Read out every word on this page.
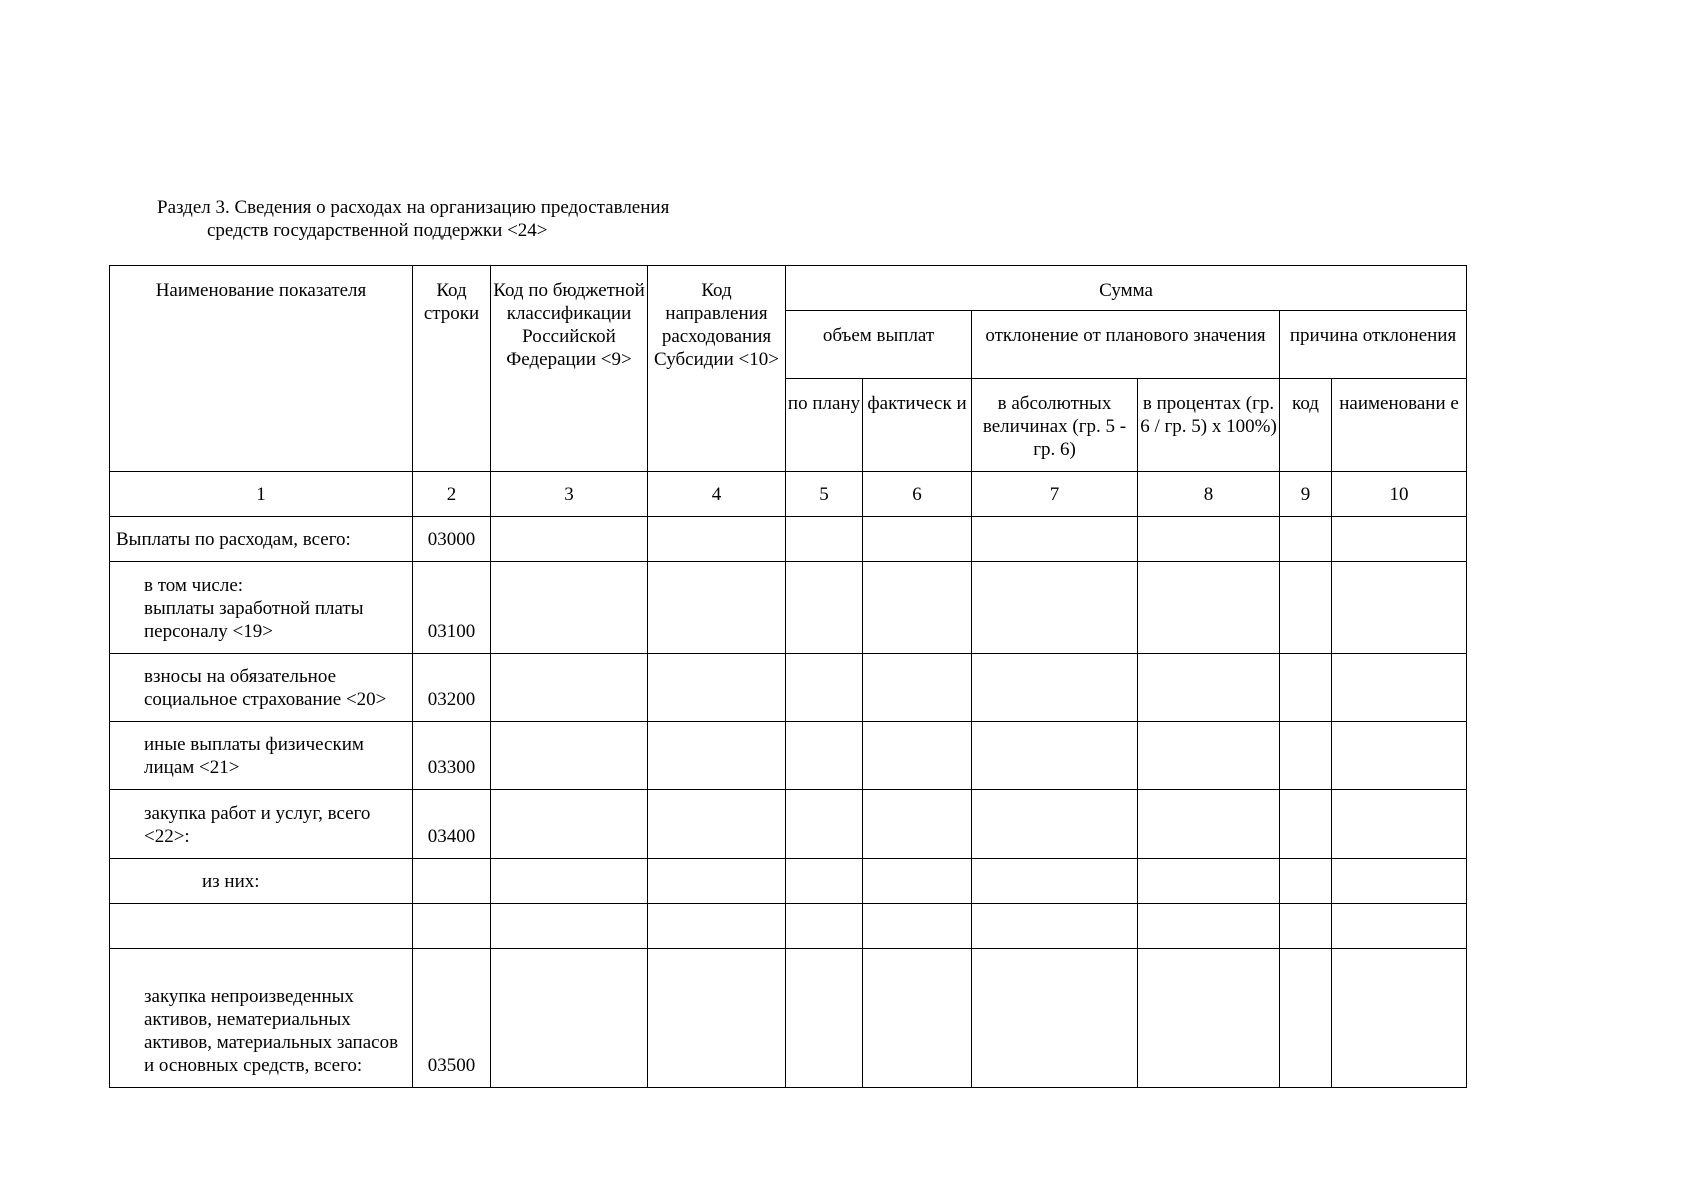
Раздел 3. Сведения о расходах на организацию предоставления
средств государственной поддержки <24>
Наименование показателя	Код строки	Код по бюджетной классификации Российской Федерации <9>	Код направления расходования Субсидии <10>	Сумма					
				объем выплат		отклонение от планового значения		причина отклонения	
				по плану	фактическ и	в абсолютных величинах (гр. 5 - гр. 6)	в процентах (гр. 6 / гр. 5) х 100%)	код	наименовани е
1	2	3	4	5	6	7	8	9	10
Выплаты по расходам, всего:	03000								
в том числе:
выплаты заработной платы персоналу <19>	03100								
взносы на обязательное социальное страхование <20>	03200								
иные выплаты физическим лицам <21>	03300								
закупка работ и услуг, всего <22>:	03400								
из них:									

закупка непроизведенных активов, нематериальных активов, материальных запасов и основных средств, всего:	03500								
